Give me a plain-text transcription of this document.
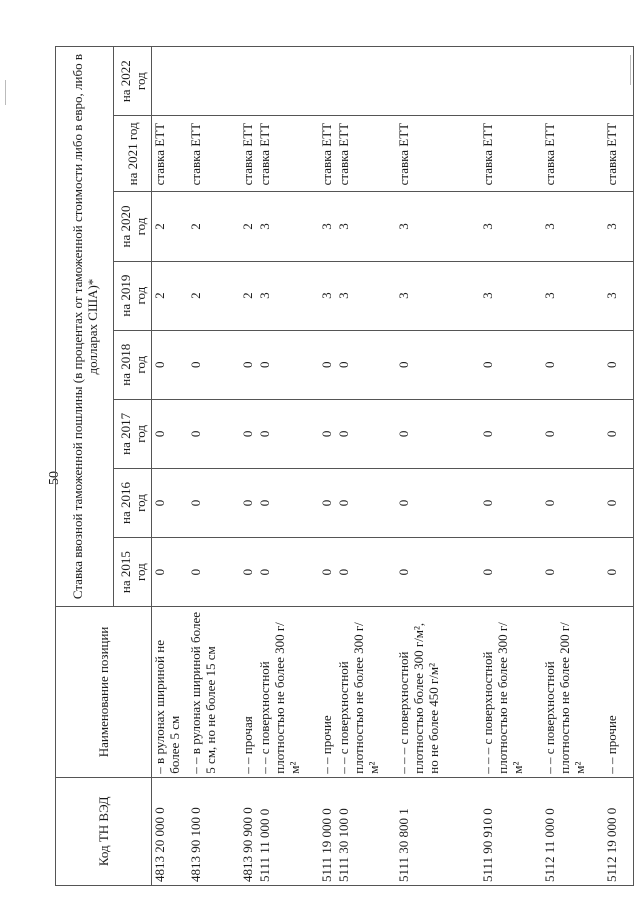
50
Код ТН ВЭД	Наименование позиции	Ставка ввозной таможенной пошлины (в процентах от таможенной стоимости либо в евро, либо в долларах США)*							
		на 2015 год	на 2016 год	на 2017 год	на 2018 год	на 2019 год	на 2020 год	на 2021 год	на 2022 год
4813 20 000 0	– в рулонах шириной не более 5 см	0	0	0	0	2	2	ставка ЕТТ	
4813 90 100 0	– – в рулонах шириной более 5 см, но не более 15 см	0	0	0	0	2	2	ставка ЕТТ	
4813 90 900 0	– – прочая	0	0	0	0	2	2	ставка ЕТТ	
5111 11 000 0	– – с поверхностной плотностью не более 300 г/м²	0	0	0	0	3	3	ставка ЕТТ	
5111 19 000 0	– – прочие	0	0	0	0	3	3	ставка ЕТТ	
5111 30 100 0	– – с поверхностной плотностью не более 300 г/м²	0	0	0	0	3	3	ставка ЕТТ	
5111 30 800 1	– – – с поверхностной плотностью более 300 г/м², но не более 450 г/м²	0	0	0	0	3	3	ставка ЕТТ	
5111 90 910 0	– – – с поверхностной плотностью не более 300 г/м²	0	0	0	0	3	3	ставка ЕТТ	
5112 11 000 0	– – с поверхностной плотностью не более 200 г/м²	0	0	0	0	3	3	ставка ЕТТ	
5112 19 000 0	– – прочие	0	0	0	0	3	3	ставка ЕТТ	
